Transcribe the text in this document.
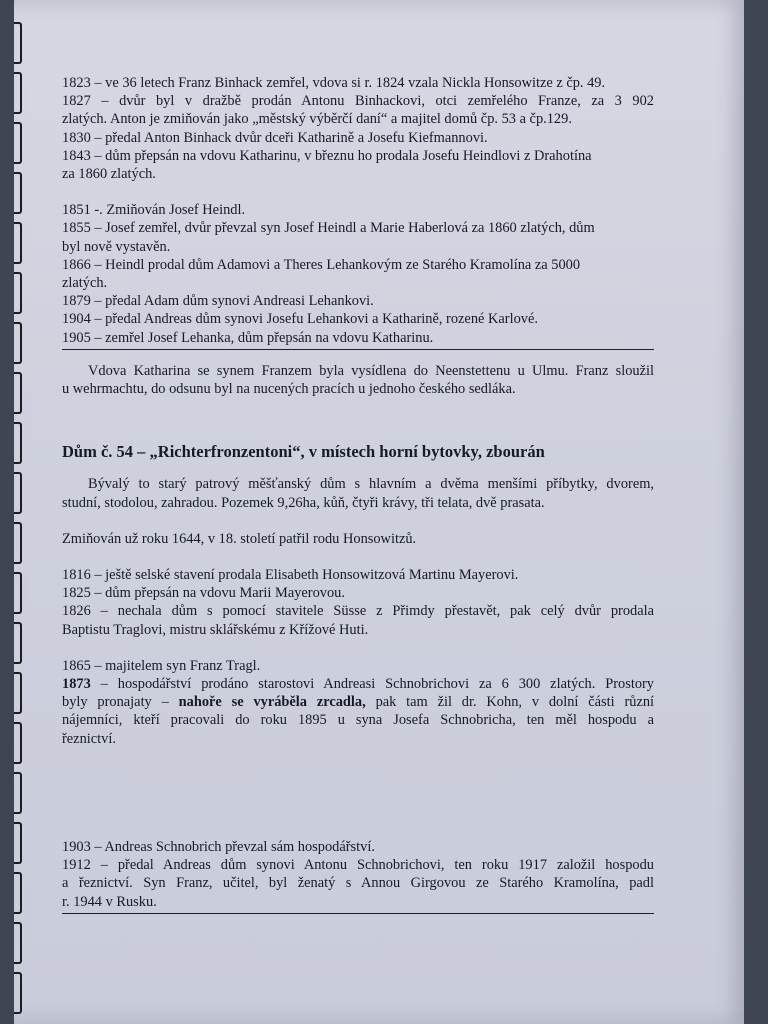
1823 – ve 36 letech Franz Binhack zemřel, vdova si r. 1824 vzala Nickla Honsowitze z čp. 49.
1827 – dvůr byl v dražbě prodán Antonu Binhackovi, otci zemřelého Franze, za 3 902
zlatých. Anton je zmiňován jako „městský výběrčí daní“ a majitel domů čp. 53 a čp.129.
1830 – předal Anton Binhack dvůr dceři Katharině a Josefu Kiefmannovi.
1843 – dům přepsán na vdovu Katharinu, v březnu ho prodala Josefu Heindlovi z Drahotína
za 1860 zlatých.
1851 -. Zmiňován Josef Heindl.
1855 – Josef zemřel, dvůr převzal syn Josef Heindl a Marie Haberlová za 1860 zlatých, dům
byl nově vystavěn.
1866 – Heindl prodal dům Adamovi a Theres Lehankovým ze Starého Kramolína za 5000
zlatých.
1879 – předal Adam dům synovi Andreasi Lehankovi.
1904 – předal Andreas dům synovi Josefu Lehankovi a Katharině, rozené Karlové.
1905 – zemřel Josef Lehanka, dům přepsán na vdovu Katharinu.
Vdova Katharina se synem Franzem byla vysídlena do Neenstettenu u Ulmu. Franz sloužil
u wehrmachtu, do odsunu byl na nucených pracích u jednoho českého sedláka.
Dům č. 54 – „Richterfronzentoni“, v místech horní bytovky, zbourán
Bývalý to starý patrový měšťanský dům s hlavním a dvěma menšími příbytky, dvorem,
studní, stodolou, zahradou. Pozemek 9,26ha, kůň, čtyři krávy, tři telata, dvě prasata.
Zmiňován už roku 1644, v 18. století patřil rodu Honsowitzů.
1816 – ještě selské stavení prodala Elisabeth Honsowitzová Martinu Mayerovi.
1825 – dům přepsán na vdovu Marii Mayerovou.
1826 – nechala dům s pomocí stavitele Süsse z Přimdy přestavět, pak celý dvůr prodala
Baptistu Traglovi, mistru sklářskému z Křížové Huti.
1865 – majitelem syn Franz Tragl.
1873 – hospodářství prodáno starostovi Andreasi Schnobrichovi za 6 300 zlatých. Prostory
byly pronajaty – nahoře se vyráběla zrcadla, pak tam žil dr. Kohn, v dolní části různí
nájemníci, kteří pracovali do roku 1895 u syna Josefa Schnobricha, ten měl hospodu a
řeznictví.
1903 – Andreas Schnobrich převzal sám hospodářství.
1912 – předal Andreas dům synovi Antonu Schnobrichovi, ten roku 1917 založil hospodu
a řeznictví. Syn Franz, učitel, byl ženatý s Annou Girgovou ze Starého Kramolína, padl
r. 1944 v Rusku.
